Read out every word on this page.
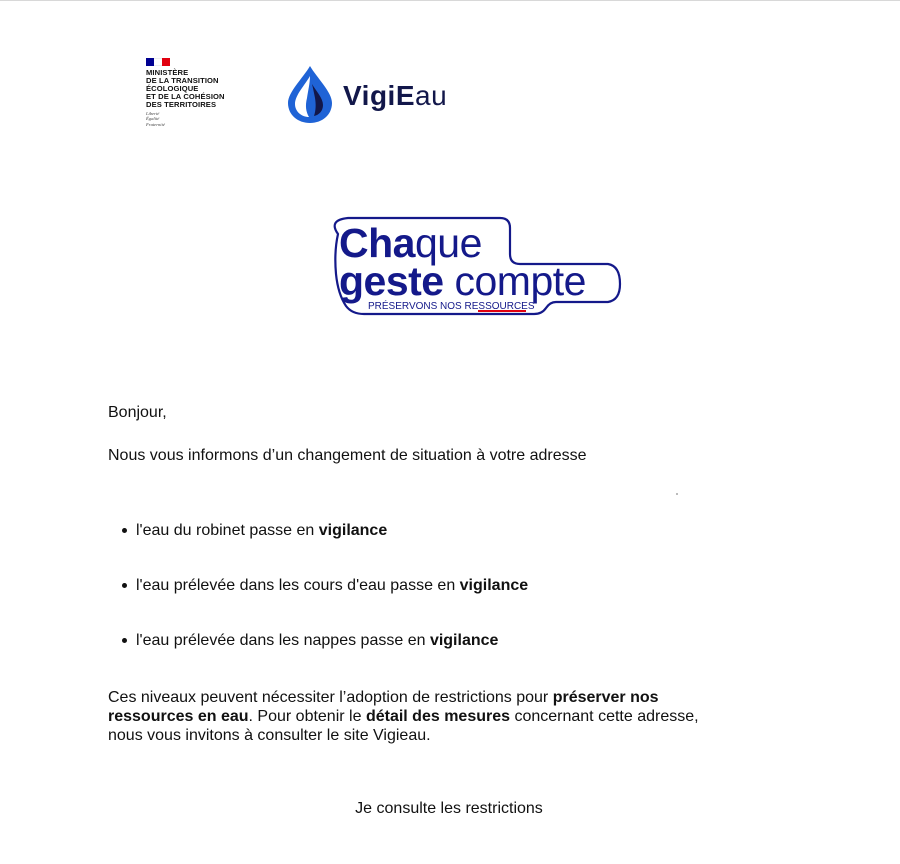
MINISTÈRE
DE LA TRANSITION
ÉCOLOGIQUE
ET DE LA COHÉSION
DES TERRITOIRES
Liberté
Égalité
Fraternité
VigiEau
Chaque
geste compte
PRÉSERVONS NOS RESSOURCES
Bonjour,
Nous vous informons d’un changement de situation à votre adresse
l'eau du robinet passe en vigilance
l'eau prélevée dans les cours d'eau passe en vigilance
l'eau prélevée dans les nappes passe en vigilance
Ces niveaux peuvent nécessiter l’adoption de restrictions pour préserver nos
ressources en eau. Pour obtenir le détail des mesures concernant cette adresse,
nous vous invitons à consulter le site Vigieau.
Je consulte les restrictions
